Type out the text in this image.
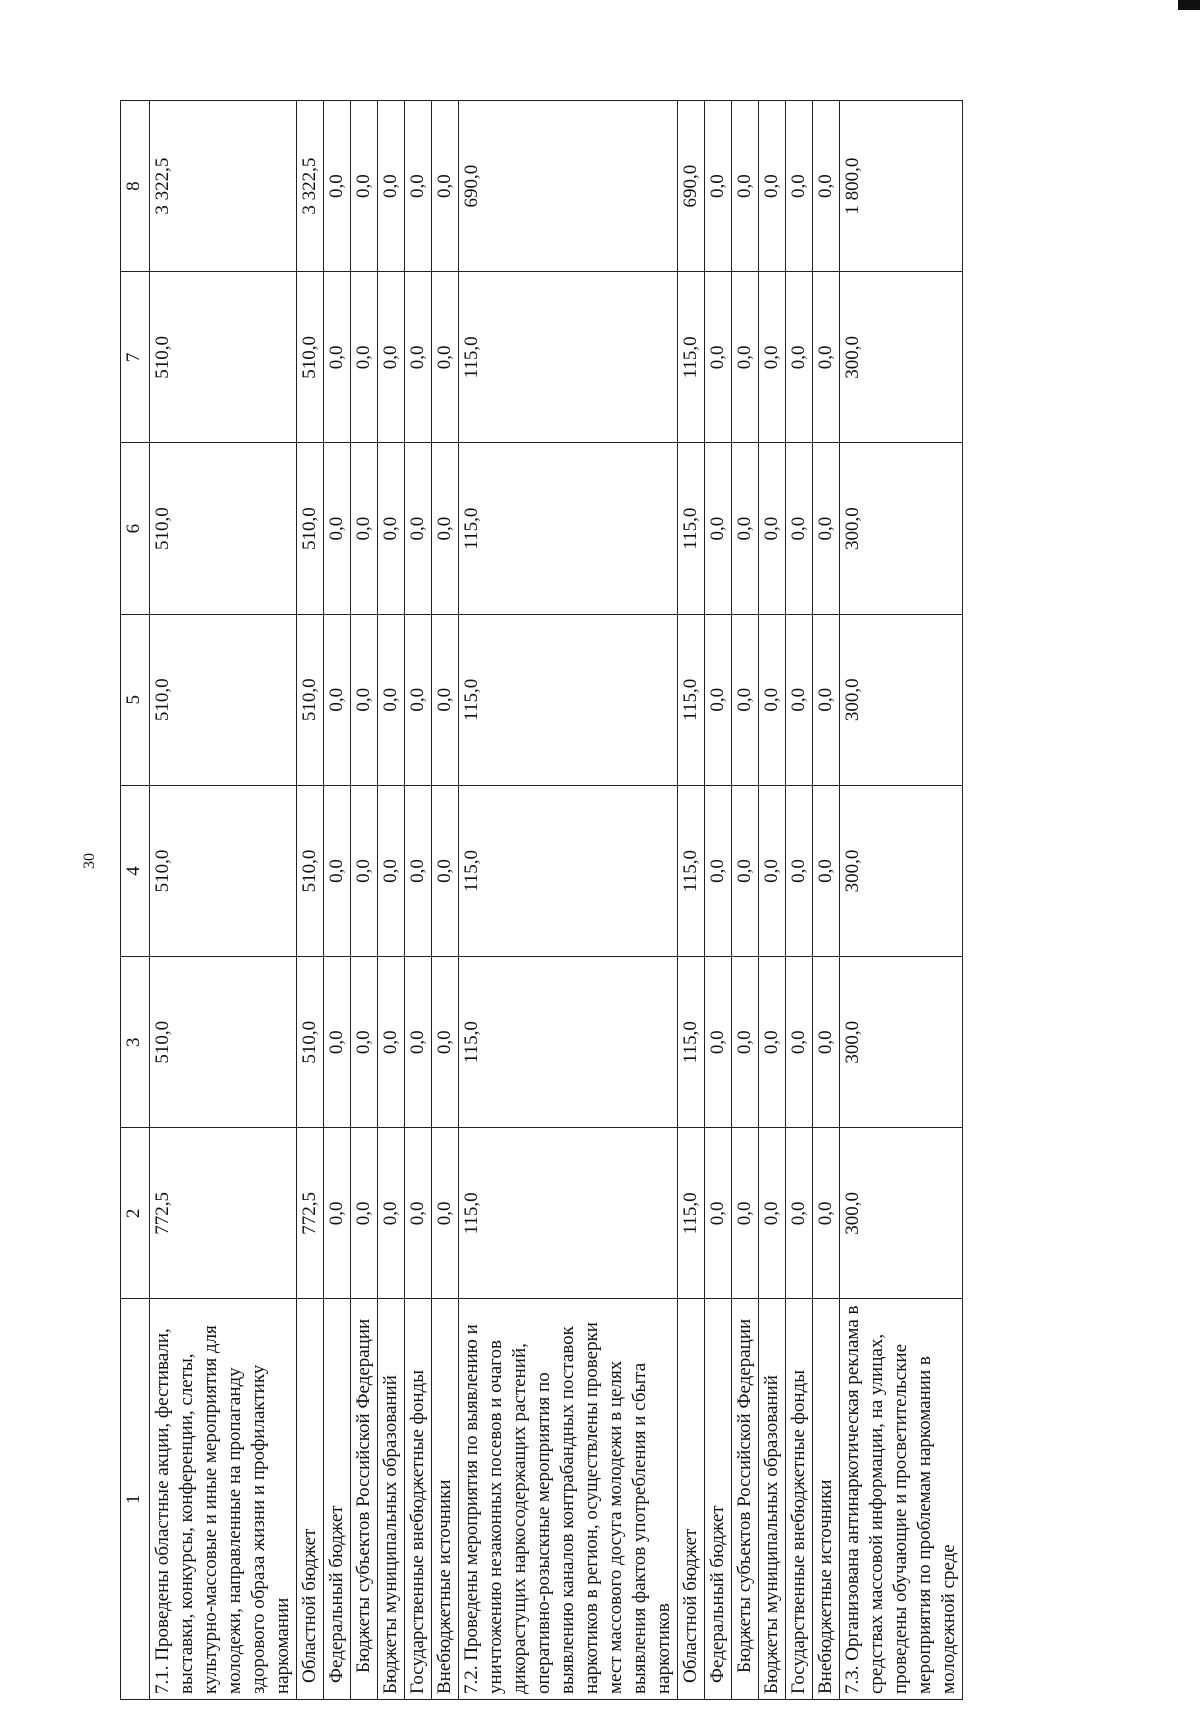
30
1	2	3	4	5	6	7	8
7.1. Проведены областные акции, фестивали, выставки, конкурсы, конференции, слеты, культурно-массовые и иные мероприятия для молодежи, направленные на пропаганду здорового образа жизни и профилактику наркомании	772,5	510,0	510,0	510,0	510,0	510,0	3 322,5
Областной бюджет	772,5	510,0	510,0	510,0	510,0	510,0	3 322,5
Федеральный бюджет	0,0	0,0	0,0	0,0	0,0	0,0	0,0
Бюджеты субъектов Российской Федерации	0,0	0,0	0,0	0,0	0,0	0,0	0,0
Бюджеты муниципальных образований	0,0	0,0	0,0	0,0	0,0	0,0	0,0
Государственные внебюджетные фонды	0,0	0,0	0,0	0,0	0,0	0,0	0,0
Внебюджетные источники	0,0	0,0	0,0	0,0	0,0	0,0	0,0
7.2. Проведены мероприятия по выявлению и уничтожению незаконных посевов и очагов дикорастущих наркосодержащих растений, оперативно-розыскные мероприятия по выявлению каналов контрабандных поставок наркотиков в регион, осуществлены проверки мест массового досуга молодежи в целях выявления фактов употребления и сбыта наркотиков	115,0	115,0	115,0	115,0	115,0	115,0	690,0
Областной бюджет	115,0	115,0	115,0	115,0	115,0	115,0	690,0
Федеральный бюджет	0,0	0,0	0,0	0,0	0,0	0,0	0,0
Бюджеты субъектов Российской Федерации	0,0	0,0	0,0	0,0	0,0	0,0	0,0
Бюджеты муниципальных образований	0,0	0,0	0,0	0,0	0,0	0,0	0,0
Государственные внебюджетные фонды	0,0	0,0	0,0	0,0	0,0	0,0	0,0
Внебюджетные источники	0,0	0,0	0,0	0,0	0,0	0,0	0,0
7.3. Организована антинаркотическая реклама в средствах массовой информации, на улицах, проведены обучающие и просветительские мероприятия по проблемам наркомании в молодежной среде	300,0	300,0	300,0	300,0	300,0	300,0	1 800,0
